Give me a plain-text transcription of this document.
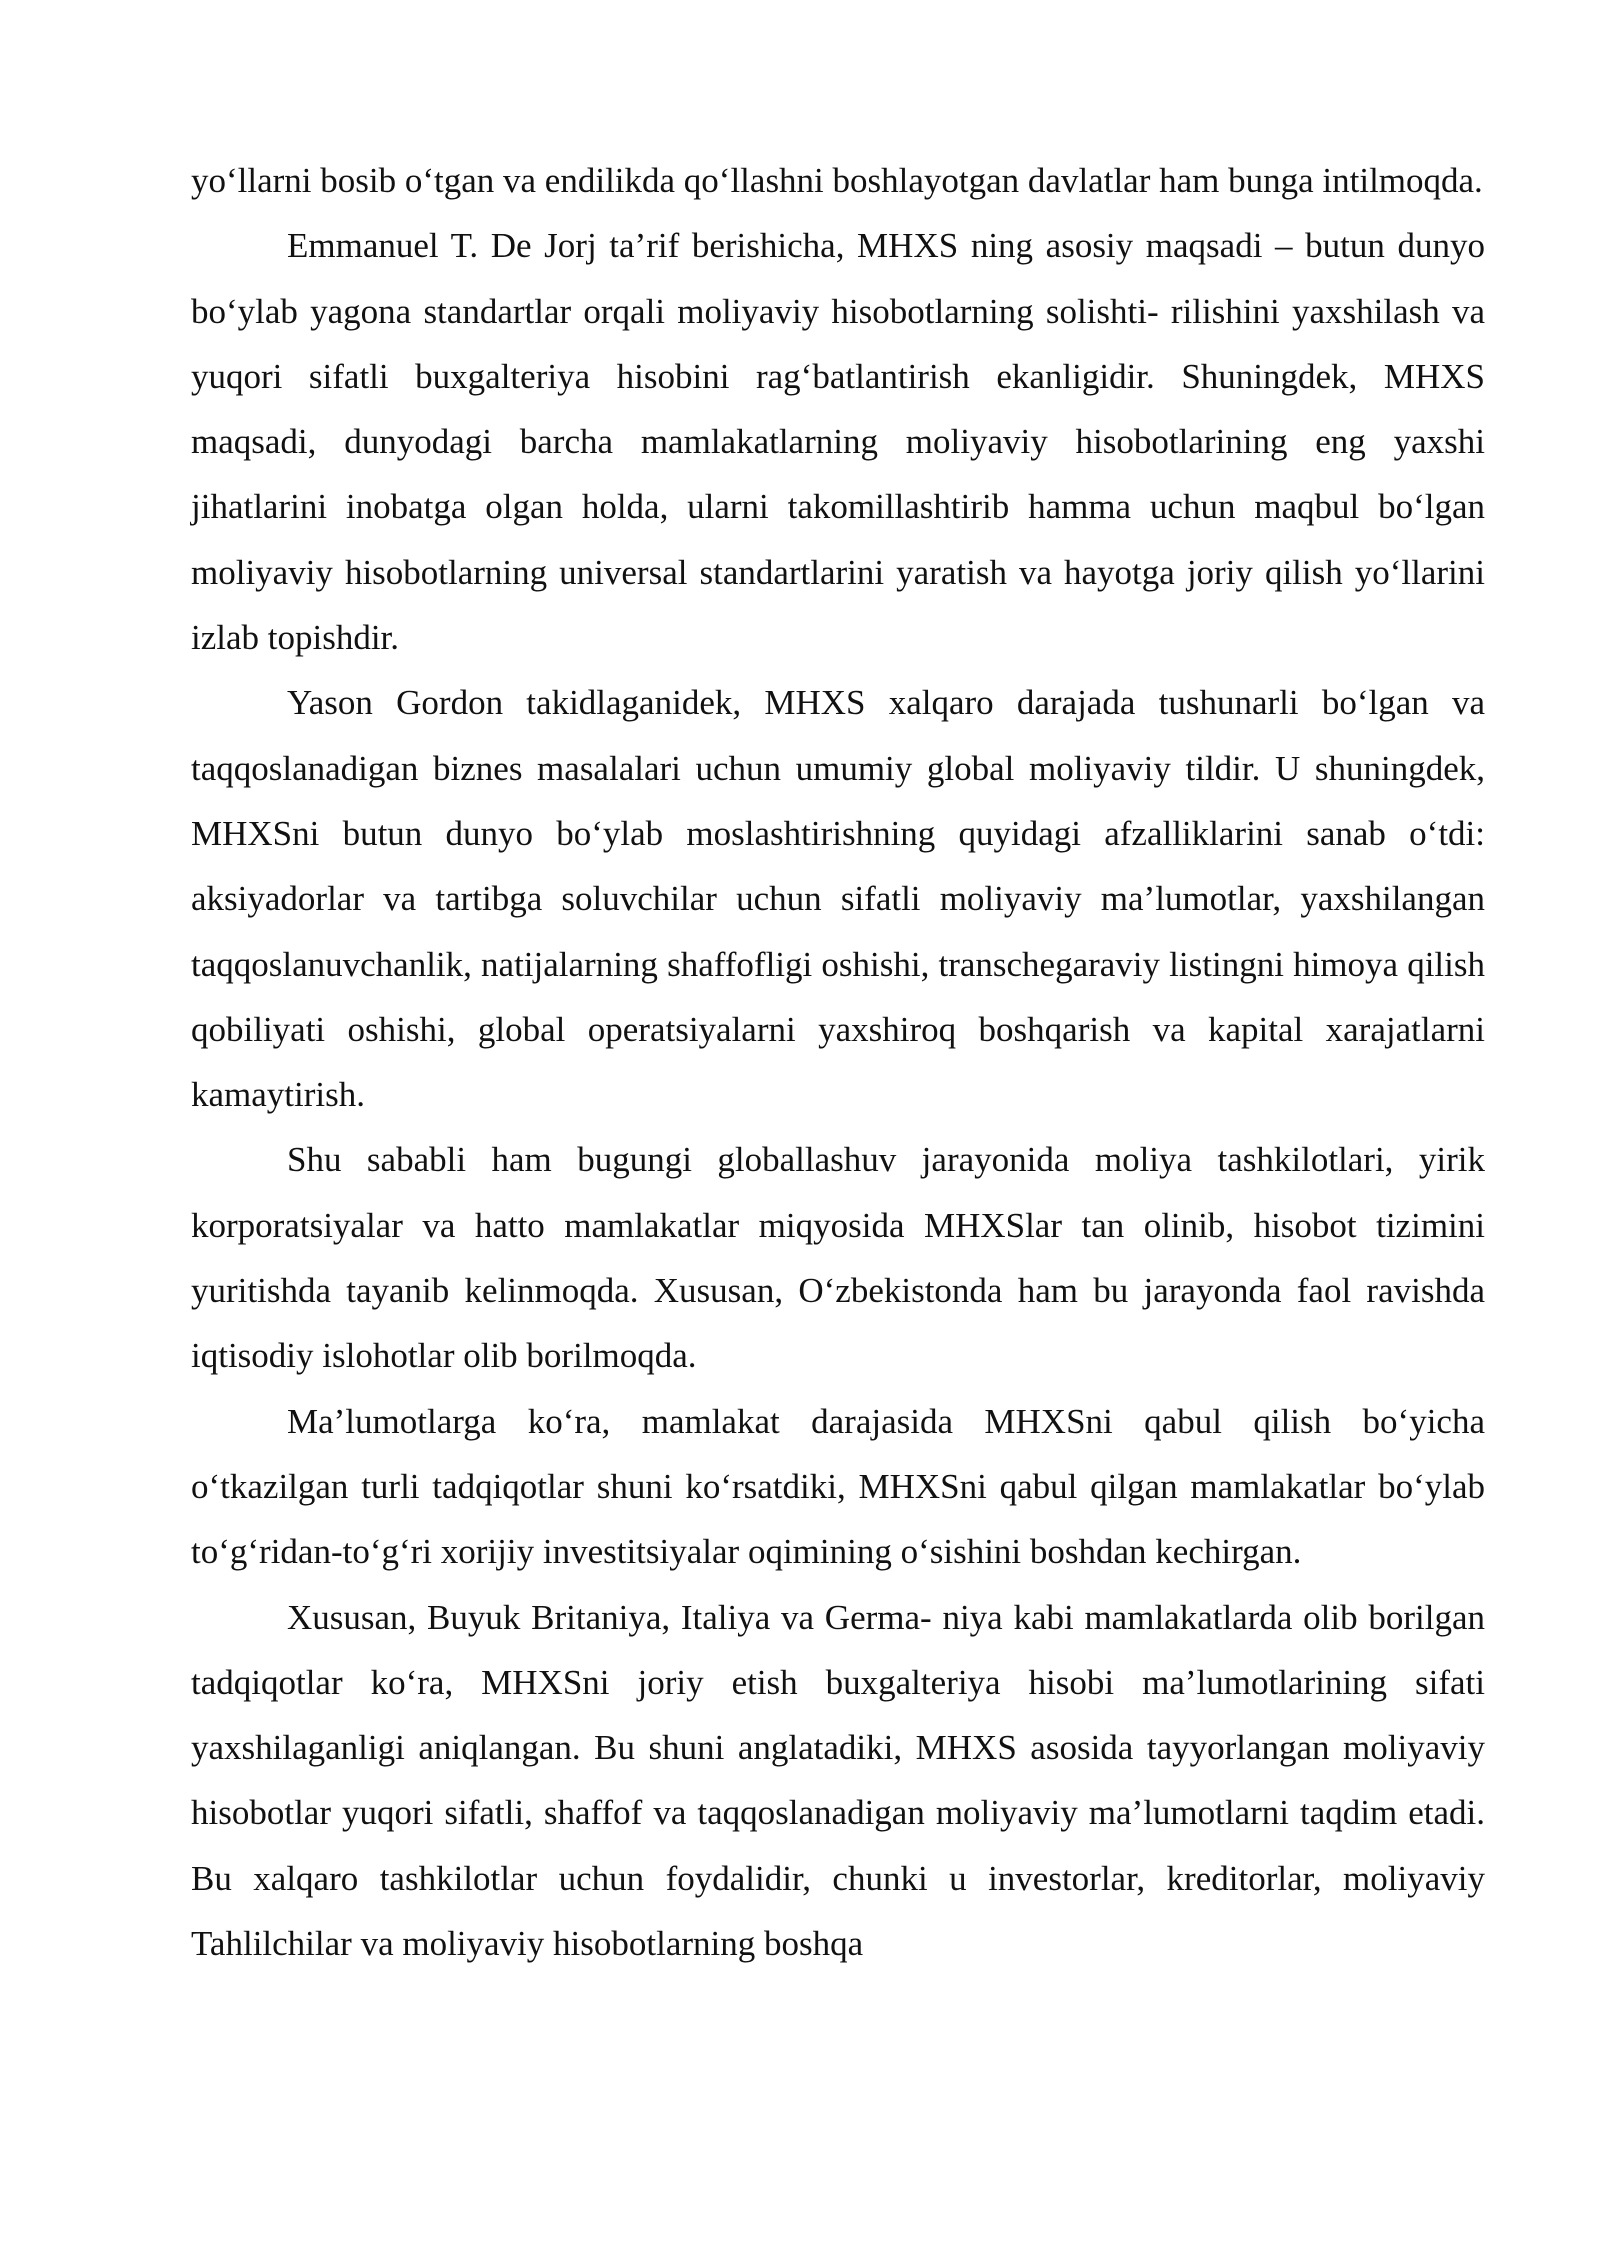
yo‘llarni bosib o‘tgan va endilikda qo‘llashni boshlayotgan davlatlar ham bunga intilmoqda.

Emmanuel T. De Jorj ta’rif berishicha, MHXS ning asosiy maqsadi – butun dunyo bo‘ylab yagona standartlar orqali moliyaviy hisobotlarning solishti- rilishini yaxshilash va yuqori sifatli buxgalteriya hisobini rag‘batlantirish ekanligidir. Shuningdek, MHXS maqsadi, dunyodagi barcha mamlakatlarning moliyaviy hisobotlarining eng yaxshi jihatlarini inobatga olgan holda, ularni takomillashtirib hamma uchun maqbul bo‘lgan moliyaviy hisobotlarning universal standartlarini yaratish va hayotga joriy qilish yo‘llarini izlab topishdir.

Yason Gordon takidlaganidek, MHXS xalqaro darajada tushunarli bo‘lgan va taqqoslanadigan biznes masalalari uchun umumiy global moliyaviy tildir. U shuningdek, MHXSni butun dunyo bo‘ylab moslashtirishning quyidagi afzalliklarini sanab o‘tdi: aksiyadorlar va tartibga soluvchilar uchun sifatli moliyaviy ma’lumotlar, yaxshilangan taqqoslanuvchanlik, natijalarning shaffofligi oshishi, transchegaraviy listingni himoya qilish qobiliyati oshishi, global operatsiyalarni yaxshiroq boshqarish va kapital xarajatlarni kamaytirish.

Shu sababli ham bugungi globallashuv jarayonida moliya tashkilotlari, yirik korporatsiyalar va hatto mamlakatlar miqyosida MHXSlar tan olinib, hisobot tizimini yuritishda tayanib kelinmoqda. Xususan, O‘zbekistonda ham bu jarayonda faol ravishda iqtisodiy islohotlar olib borilmoqda.

Ma’lumotlarga ko‘ra, mamlakat darajasida MHXSni qabul qilish bo‘yicha o‘tkazilgan turli tadqiqotlar shuni ko‘rsatdiki, MHXSni qabul qilgan mamlakatlar bo‘ylab to‘g‘ridan-to‘g‘ri xorijiy investitsiyalar oqimining o‘sishini boshdan kechirgan.

Xususan, Buyuk Britaniya, Italiya va Germa- niya kabi mamlakatlarda olib borilgan tadqiqotlar ko‘ra, MHXSni joriy etish buxgalteriya hisobi ma’lumotlarining sifati yaxshilaganligi aniqlangan. Bu shuni anglatadiki, MHXS asosida tayyorlangan moliyaviy hisobotlar yuqori sifatli, shaffof va taqqoslanadigan moliyaviy ma’lumotlarni taqdim etadi. Bu xalqaro tashkilotlar uchun foydalidir, chunki u investorlar, kreditorlar, moliyaviy Tahlilchilar va moliyaviy hisobotlarning boshqa
